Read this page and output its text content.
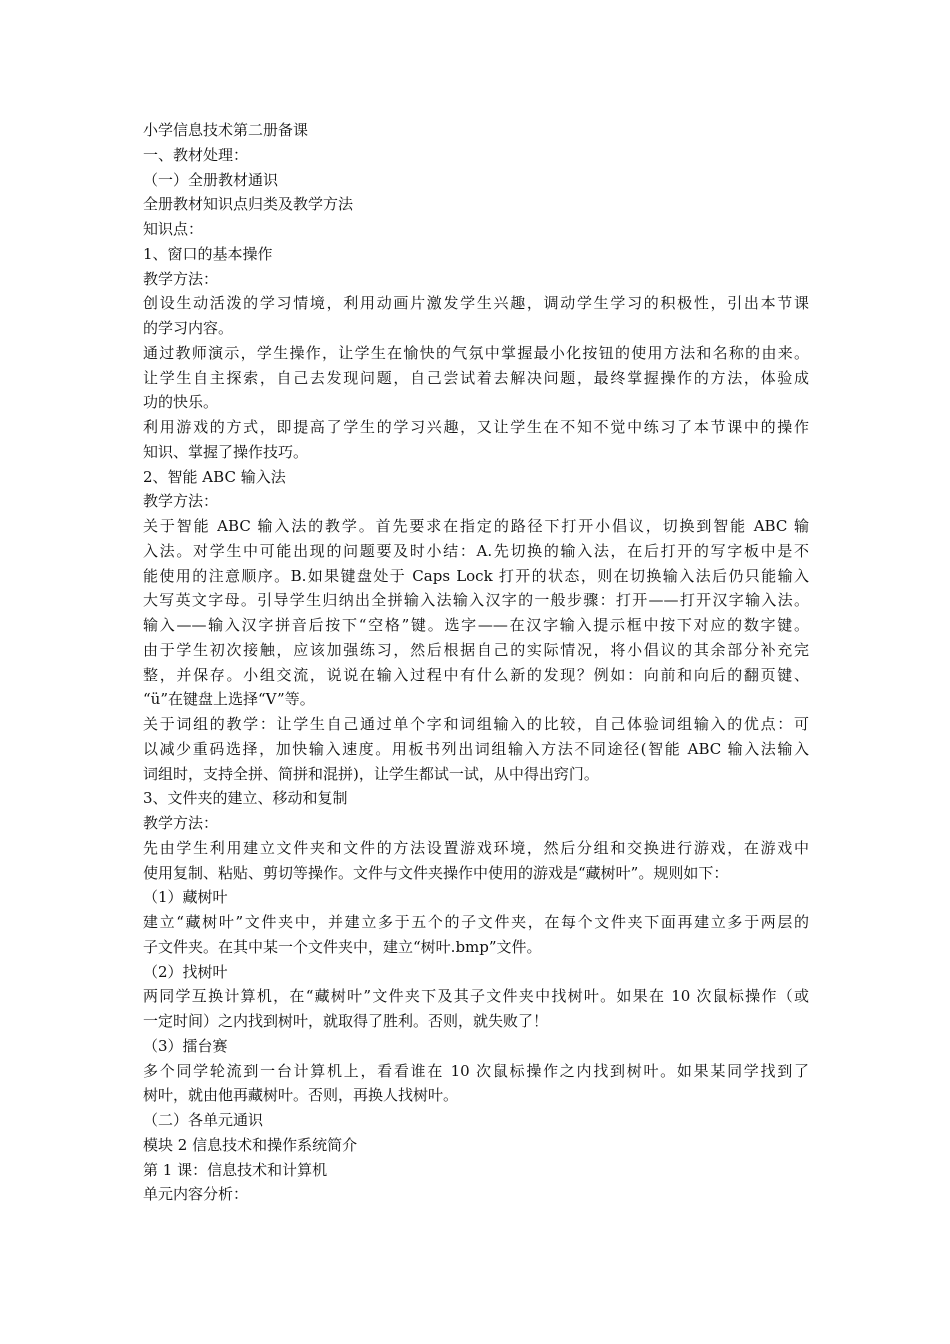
小学信息技术第二册备课
一、教材处理：
（一）全册教材通识
全册教材知识点归类及教学方法
知识点：
1、窗口的基本操作
教学方法：
创设生动活泼的学习情境，利用动画片激发学生兴趣，调动学生学习的积极性，引出本节课
的学习内容。
通过教师演示，学生操作，让学生在愉快的气氛中掌握最小化按钮的使用方法和名称的由来。
让学生自主探索，自己去发现问题，自己尝试着去解决问题，最终掌握操作的方法，体验成
功的快乐。
利用游戏的方式，即提高了学生的学习兴趣，又让学生在不知不觉中练习了本节课中的操作
知识、掌握了操作技巧。
2、智能 ABC 输入法
教学方法：
关于智能 ABC 输入法的教学。首先要求在指定的路径下打开小倡议，切换到智能 ABC 输
入法。对学生中可能出现的问题要及时小结：A.先切换的输入法，在后打开的写字板中是不
能使用的注意顺序。B.如果键盘处于 Caps Lock 打开的状态，则在切换输入法后仍只能输入
大写英文字母。引导学生归纳出全拼输入法输入汉字的一般步骤：打开——打开汉字输入法。
输入——输入汉字拼音后按下“空格”键。选字——在汉字输入提示框中按下对应的数字键。
由于学生初次接触，应该加强练习，然后根据自己的实际情况，将小倡议的其余部分补充完
整，并保存。小组交流，说说在输入过程中有什么新的发现？例如：向前和向后的翻页键、
“ü”在键盘上选择“V”等。
关于词组的教学：让学生自己通过单个字和词组输入的比较，自己体验词组输入的优点：可
以减少重码选择，加快输入速度。用板书列出词组输入方法不同途径(智能 ABC 输入法输入
词组时，支持全拼、简拼和混拼)，让学生都试一试，从中得出窍门。
3、文件夹的建立、移动和复制
教学方法：
先由学生利用建立文件夹和文件的方法设置游戏环境，然后分组和交换进行游戏，在游戏中
使用复制、粘贴、剪切等操作。文件与文件夹操作中使用的游戏是“藏树叶”。规则如下：
（1）藏树叶
建立“藏树叶”文件夹中，并建立多于五个的子文件夹，在每个文件夹下面再建立多于两层的
子文件夹。在其中某一个文件夹中，建立“树叶.bmp”文件。
（2）找树叶
两同学互换计算机，在“藏树叶”文件夹下及其子文件夹中找树叶。如果在 10 次鼠标操作（或
一定时间）之内找到树叶，就取得了胜利。否则，就失败了！
（3）擂台赛
多个同学轮流到一台计算机上，看看谁在 10 次鼠标操作之内找到树叶。如果某同学找到了
树叶，就由他再藏树叶。否则，再换人找树叶。
（二）各单元通识
模块 2 信息技术和操作系统简介
第 1 课：信息技术和计算机
单元内容分析：
